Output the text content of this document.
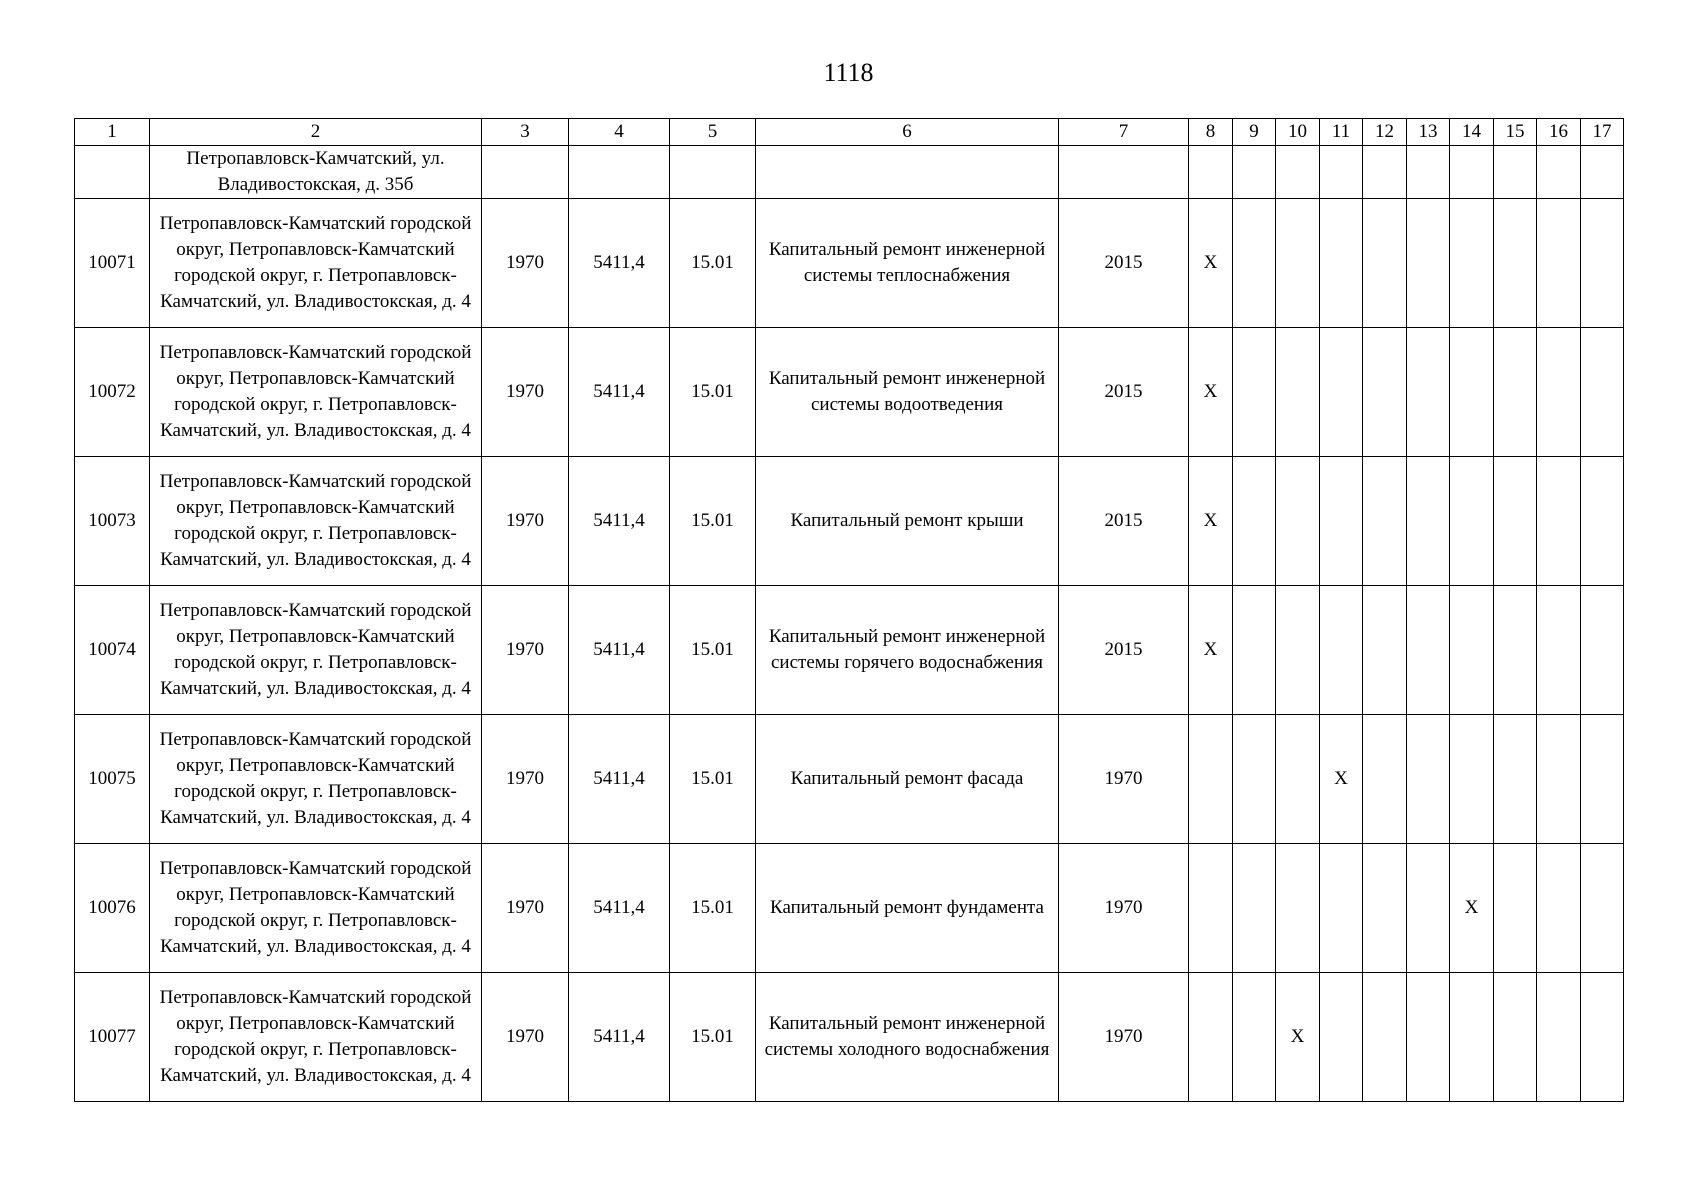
1118
1	2	3	4	5	6	7	8	9	10	11	12	13	14	15	16	17
	Петропавловск-Камчатский, ул. Владивостокская, д. 35б															
10071	Петропавловск-Камчатский городской округ, Петропавловск-Камчатский городской округ, г. Петропавловск-Камчатский, ул. Владивостокская, д. 4	1970	5411,4	15.01	Капитальный ремонт инженерной системы теплоснабжения	2015	X									
10072	Петропавловск-Камчатский городской округ, Петропавловск-Камчатский городской округ, г. Петропавловск-Камчатский, ул. Владивостокская, д. 4	1970	5411,4	15.01	Капитальный ремонт инженерной системы водоотведения	2015	X									
10073	Петропавловск-Камчатский городской округ, Петропавловск-Камчатский городской округ, г. Петропавловск-Камчатский, ул. Владивостокская, д. 4	1970	5411,4	15.01	Капитальный ремонт крыши	2015	X									
10074	Петропавловск-Камчатский городской округ, Петропавловск-Камчатский городской округ, г. Петропавловск-Камчатский, ул. Владивостокская, д. 4	1970	5411,4	15.01	Капитальный ремонт инженерной системы горячего водоснабжения	2015	X									
10075	Петропавловск-Камчатский городской округ, Петропавловск-Камчатский городской округ, г. Петропавловск-Камчатский, ул. Владивостокская, д. 4	1970	5411,4	15.01	Капитальный ремонт фасада	1970				X						
10076	Петропавловск-Камчатский городской округ, Петропавловск-Камчатский городской округ, г. Петропавловск-Камчатский, ул. Владивостокская, д. 4	1970	5411,4	15.01	Капитальный ремонт фундамента	1970							X			
10077	Петропавловск-Камчатский городской округ, Петропавловск-Камчатский городской округ, г. Петропавловск-Камчатский, ул. Владивостокская, д. 4	1970	5411,4	15.01	Капитальный ремонт инженерной системы холодного водоснабжения	1970			X							
